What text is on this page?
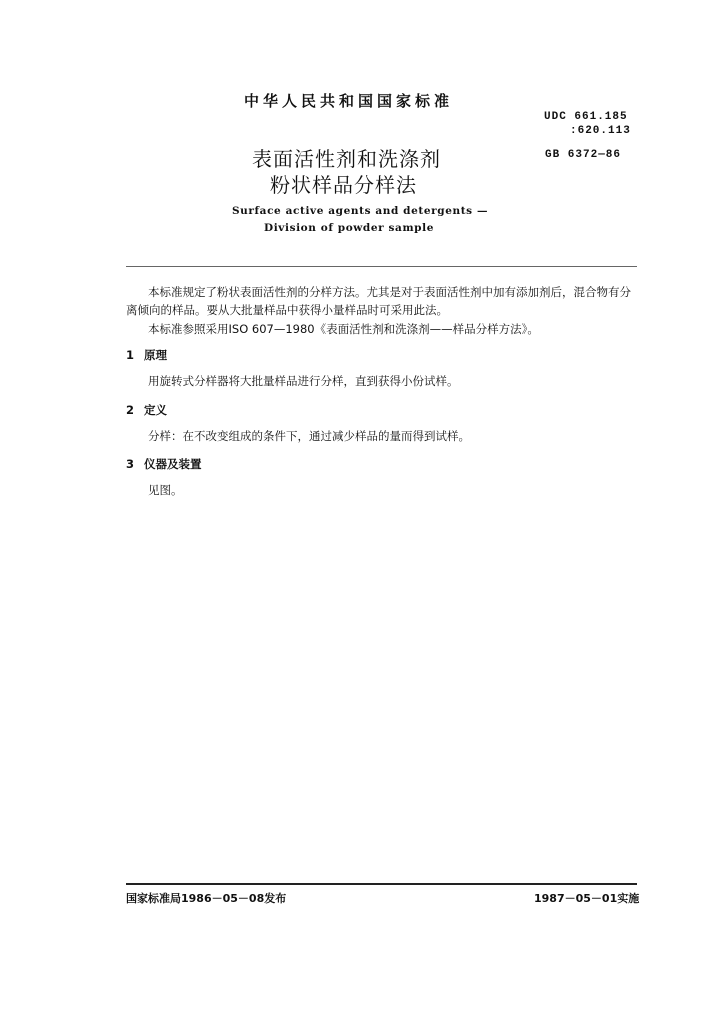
中华人民共和国国家标准
UDC 661.185
:620.113
GB 6372—86
表面活性剂和洗涤剂
粉状样品分样法
Surface active agents and detergents —
Division of powder sample
本标准规定了粉状表面活性剂的分样方法。尤其是对于表面活性剂中加有添加剂后，混合物有分
离倾向的样品。要从大批量样品中获得小量样品时可采用此法。
本标准参照采用ISO 607—1980《表面活性剂和洗涤剂——样品分样方法》。
1 原理
用旋转式分样器将大批量样品进行分样，直到获得小份试样。
2 定义
分样：在不改变组成的条件下，通过减少样品的量而得到试样。
3 仪器及装置
见图。
国家标准局1986－05－08发布	1987－05－01实施
